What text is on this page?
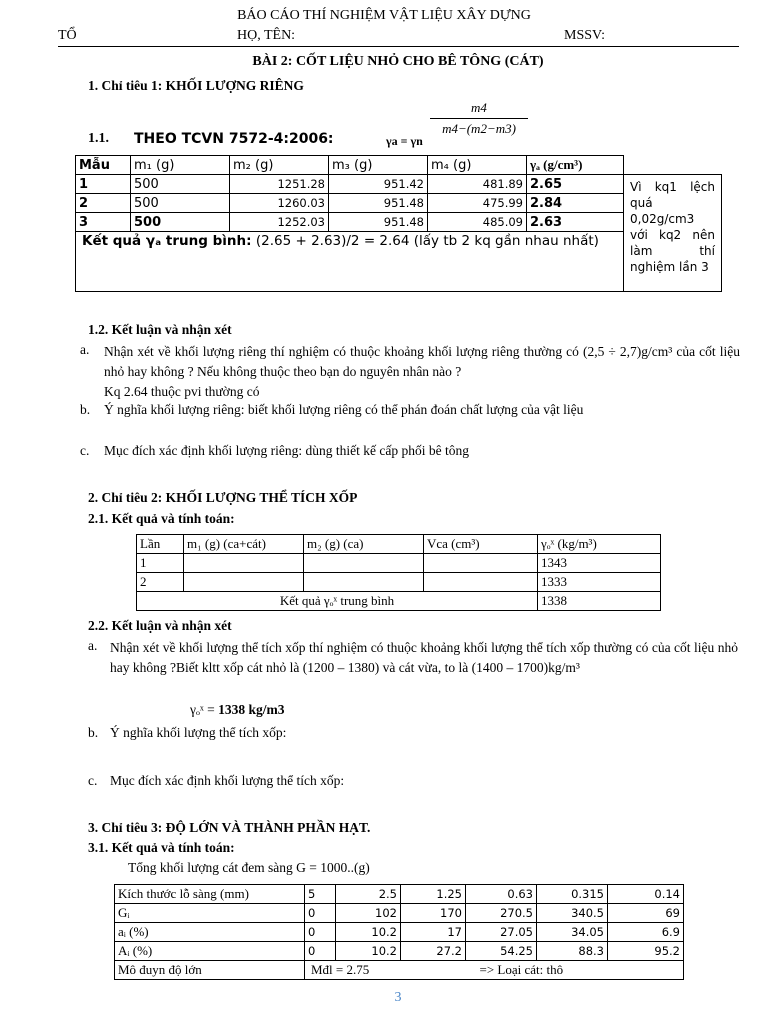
BÁO CÁO THÍ NGHIỆM VẬT LIỆU XÂY DỰNG
TỔ	HỌ, TÊN:	MSSV:
BÀI 2: CỐT LIỆU NHỎ CHO BÊ TÔNG (CÁT)
1. Chỉ tiêu 1: KHỐI LƯỢNG RIÊNG
1.1. THEO TCVN 7572-4:2006:	γa = γn
m4
m4−(m2−m3)
Mẫu	m₁ (g)	m₂ (g)	m₃ (g)	m₄ (g)	γₐ (g/cm³)	
1	500	1251.28	951.42	481.89	2.65	Vì kq1 lệch quá 0,02g/cm3 với kq2 nên làm thí nghiệm lần 3
2	500	1260.03	951.48	475.99	2.84	
3	500	1252.03	951.48	485.09	2.63	
Kết quả γₐ trung bình: (2.65 + 2.63)/2 = 2.64 (lấy tb 2 kq gần nhau nhất)						
1.2. Kết luận và nhận xét
a. Nhận xét về khối lượng riêng thí nghiệm có thuộc khoảng khối lượng riêng thường có (2,5 ÷ 2,7)g/cm³ của cốt liệu nhỏ hay không ? Nếu không thuộc theo bạn do nguyên nhân nào ?

Kq 2.64 thuộc pvi thường có

b. Ý nghĩa khối lượng riêng: biết khối lượng riêng có thể phán đoán chất lượng của vật liệu
c. Mục đích xác định khối lượng riêng: dùng thiết kế cấp phối bê tông
2. Chỉ tiêu 2: KHỐI LƯỢNG THỂ TÍCH XỐP
2.1. Kết quả và tính toán:
Lần	m₁ (g) (ca+cát)	m₂ (g) (ca)	Vca (cm³)	γₒˣ (kg/m³)
1				1343
2				1333
Kết quả γₒˣ trung bình				1338
2.2. Kết luận và nhận xét
a. Nhận xét về khối lượng thể tích xốp thí nghiệm có thuộc khoảng khối lượng thể tích xốp thường có của cốt liệu nhỏ hay không ?Biết kltt xốp cát nhỏ là (1200 – 1380) và cát vừa, to là (1400 – 1700)kg/m³

γₒˣ = 1338 kg/m3
b. Ý nghĩa khối lượng thể tích xốp:
c. Mục đích xác định khối lượng thể tích xốp:
3. Chỉ tiêu 3: ĐỘ LỚN VÀ THÀNH PHẦN HẠT.
3.1. Kết quả và tính toán:
Tổng khối lượng cát đem sàng G = 1000..(g)
Kích thước lỗ sàng (mm)	5	2.5	1.25	0.63	0.315	0.14
Gᵢ	0	102	170	270.5	340.5	69
aᵢ (%)	0	10.2	17	27.05	34.05	6.9
Aᵢ (%)	0	10.2	27.2	54.25	88.3	95.2
Mô đuyn độ lớn	Mđl = 2.75			=> Loại cát: thô		
3
